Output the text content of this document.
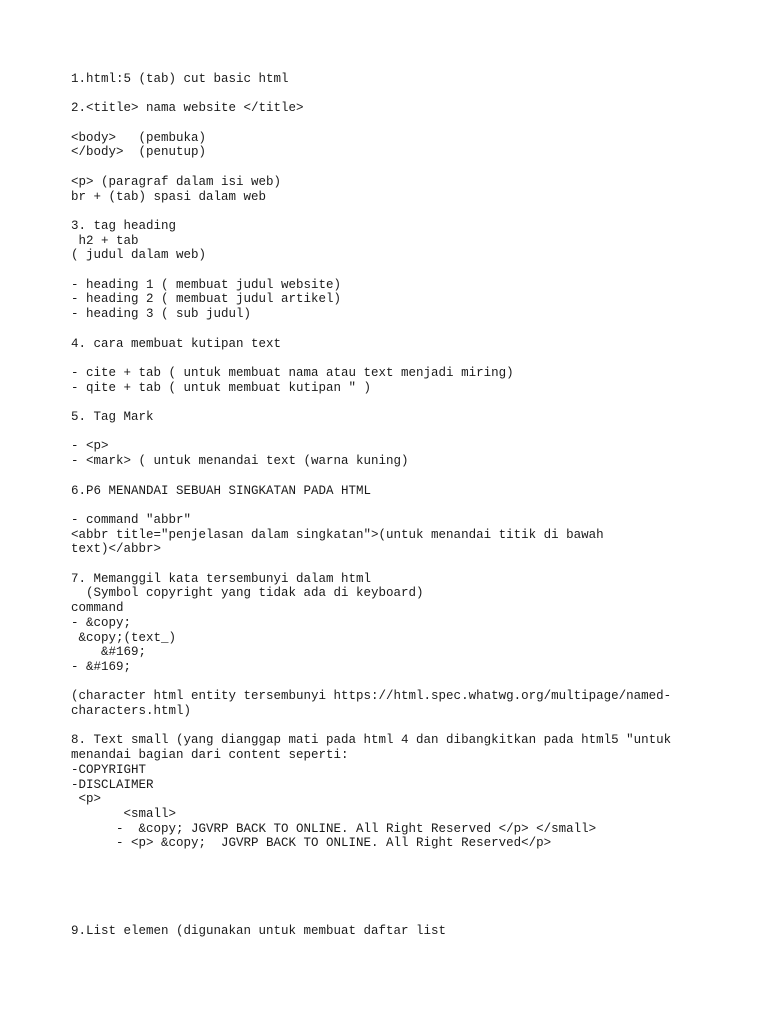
1.html:5 (tab) cut basic html
2.<title> nama website </title>
<body>   (pembuka)
</body>  (penutup)
<p> (paragraf dalam isi web)
br + (tab) spasi dalam web
3. tag heading
h2 + tab
( judul dalam web)
- heading 1 ( membuat judul website)
- heading 2 ( membuat judul artikel)
- heading 3 ( sub judul)
4. cara membuat kutipan text
- cite + tab ( untuk membuat nama atau text menjadi miring)
- qite + tab ( untuk membuat kutipan " )
5. Tag Mark
- <p>
- <mark> ( untuk menandai text (warna kuning)
6.P6 MENANDAI SEBUAH SINGKATAN PADA HTML
- command "abbr"
<abbr title="penjelasan dalam singkatan">(untuk menandai titik di bawah
text)</abbr>
7. Memanggil kata tersembunyi dalam html
(Symbol copyright yang tidak ada di keyboard)
command
- &copy;
&copy;(text_)
&#169;
- &#169;
(character html entity tersembunyi https://html.spec.whatwg.org/multipage/named-
characters.html)
8. Text small (yang dianggap mati pada html 4 dan dibangkitkan pada html5 "untuk
menandai bagian dari content seperti:
-COPYRIGHT
-DISCLAIMER
<p>
<small>
-  &copy; JGVRP BACK TO ONLINE. All Right Reserved </p> </small>
- <p> &copy;  JGVRP BACK TO ONLINE. All Right Reserved</p>
9.List elemen (digunakan untuk membuat daftar list
